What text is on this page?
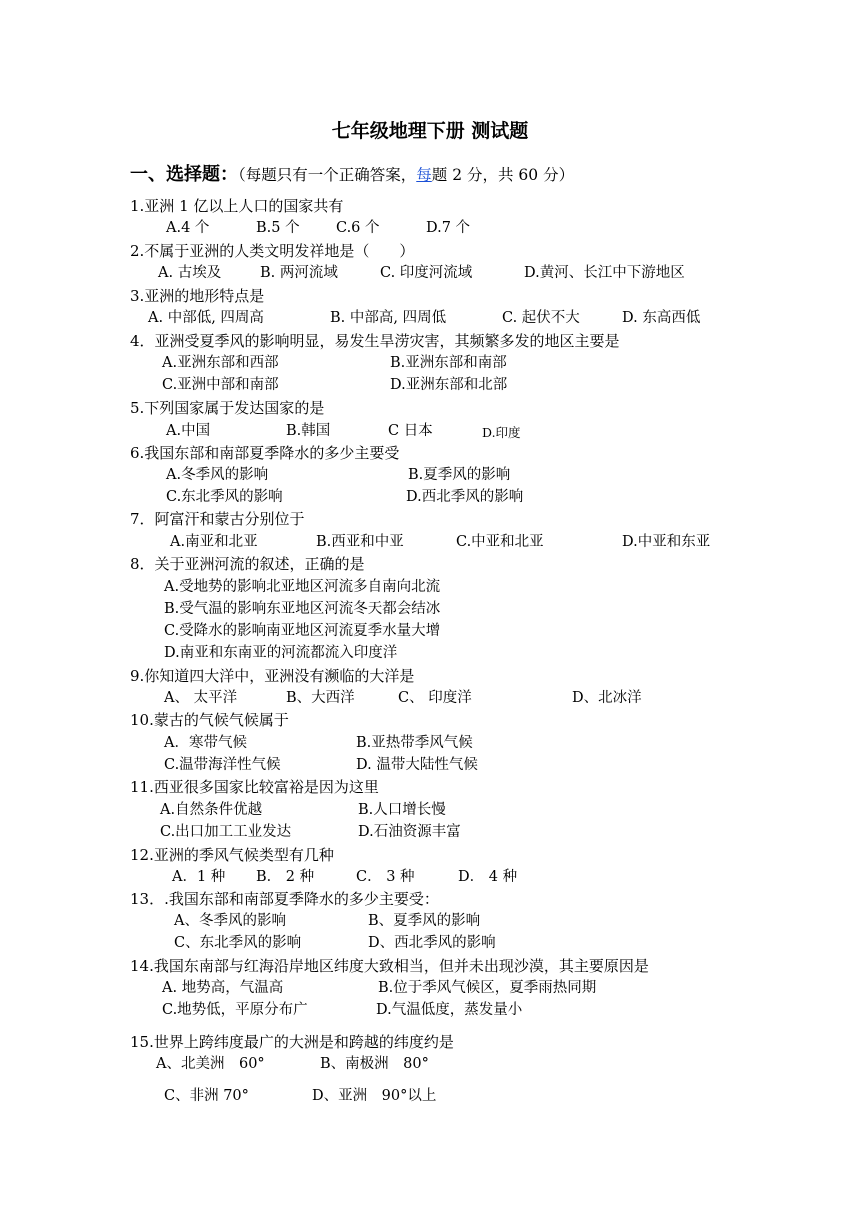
七年级地理下册 测试题
一、选择题：（每题只有一个正确答案，每题 2 分，共 60 分）
1.亚洲 1 亿以上人口的国家共有
A.4 个	B.5 个	C.6 个	D.7 个
2.不属于亚洲的人类文明发祥地是（　　）
A. 古埃及	B. 两河流域	C. 印度河流域	D.黄河、长江中下游地区
3.亚洲的地形特点是
A. 中部低, 四周高	B. 中部高, 四周低	C. 起伏不大	D. 东高西低
4．亚洲受夏季风的影响明显，易发生旱涝灾害，其频繁多发的地区主要是
A.亚洲东部和西部	B.亚洲东部和南部
C.亚洲中部和南部	D.亚洲东部和北部
5.下列国家属于发达国家的是
A.中国	B.韩国	C 日本	D.印度
6.我国东部和南部夏季降水的多少主要受
A.冬季风的影响	B.夏季风的影响
C.东北季风的影响	D.西北季风的影响
7．阿富汗和蒙古分别位于
A.南亚和北亚	B.西亚和中亚	C.中亚和北亚	D.中亚和东亚
8．关于亚洲河流的叙述，正确的是
A.受地势的影响北亚地区河流多自南向北流
B.受气温的影响东亚地区河流冬天都会结冰
C.受降水的影响南亚地区河流夏季水量大增
D.南亚和东南亚的河流都流入印度洋
9.你知道四大洋中，亚洲没有濒临的大洋是
A、 太平洋	B、大西洋	C、 印度洋	D、北冰洋
10.蒙古的气候气候属于
A．寒带气候	B.亚热带季风气候
C.温带海洋性气候	D. 温带大陆性气候
11.西亚很多国家比较富裕是因为这里
A.自然条件优越	B.人口增长慢
C.出口加工工业发达	D.石油资源丰富
12.亚洲的季风气候类型有几种
A．1 种 B． 2 种	C． 3 种	D． 4 种
13．.我国东部和南部夏季降水的多少主要受：
A、冬季风的影响	B、夏季风的影响
C、东北季风的影响	D、西北季风的影响
14.我国东南部与红海沿岸地区纬度大致相当，但并未出现沙漠，其主要原因是
A. 地势高，气温高	B.位于季风气候区，夏季雨热同期
C.地势低，平原分布广	D.气温低度，蒸发量小
15.世界上跨纬度最广的大洲是和跨越的纬度约是
A、北美洲　60°	B、南极洲　80°
C、非洲 70°	D、亚洲　90°以上
